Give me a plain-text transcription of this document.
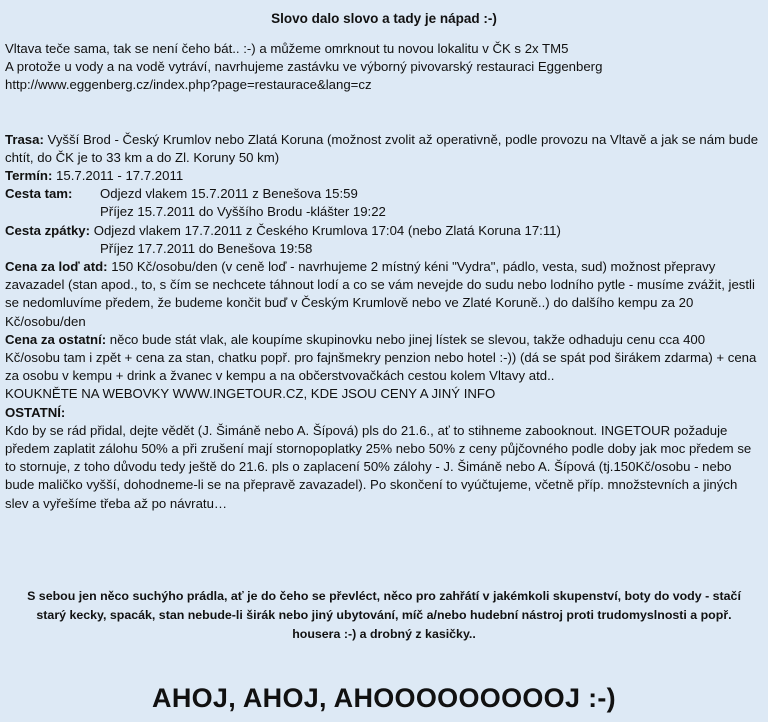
Slovo dalo slovo a tady je nápad :-)

Vltava teče sama, tak se není čeho bát.. :-) a můžeme omrknout tu novou lokalitu v ČK s 2x TM5

A protože u vody a na vodě vytráví, navrhujeme zastávku ve výborný pivovarský restauraci Eggenberg

http://www.eggenberg.cz/index.php?page=restaurace&lang=cz

Trasa: Vyšší Brod - Český Krumlov nebo Zlatá Koruna (možnost zvolit až operativně, podle provozu na Vltavě a jak se nám bude chtít, do ČK je to 33 km a do Zl. Koruny 50 km)

Termín: 15.7.2011 - 17.7.2011

Cesta tam:	Odjezd vlakem 15.7.2011 z Benešova 15:59

Příjez 15.7.2011 do Vyššího Brodu -klášter 19:22

Cesta zpátky: Odjezd vlakem 17.7.2011 z Českého Krumlova 17:04 (nebo Zlatá Koruna 17:11)

Příjez 17.7.2011 do Benešova 19:58

Cena za loď atd: 150 Kč/osobu/den (v ceně loď - navrhujeme 2 místný kéni "Vydra", pádlo, vesta, sud) možnost přepravy zavazadel (stan apod., to, s čím se nechcete táhnout lodí a co se vám nevejde do sudu nebo lodního pytle - musíme zvážit, jestli se nedomluvíme předem, že budeme končit buď v Českým Krumlově nebo ve Zlaté Koruně..) do dalšího kempu za 20 Kč/osobu/den

Cena za ostatní: něco bude stát vlak, ale koupíme skupinovku nebo jinej lístek se slevou, takže odhaduju cenu cca 400 Kč/osobu tam i zpět + cena za stan, chatku popř. pro fajnšmekry penzion nebo hotel :-)) (dá se spát pod širákem zdarma) + cena za osobu v kempu + drink a žvanec v kempu a na občerstvovačkách cestou kolem Vltavy atd..

KOUKNĚTE NA WEBOVKY WWW.INGETOUR.CZ, KDE JSOU CENY A JINÝ INFO

OSTATNÍ:

Kdo by se rád přidal, dejte vědět (J. Šimáně nebo A. Šípová) pls do 21.6., ať to stihneme zabooknout. INGETOUR požaduje předem zaplatit zálohu 50% a při zrušení mají stornopoplatky 25% nebo 50% z ceny půjčovného podle doby jak moc předem se to stornuje, z toho důvodu tedy ještě do 21.6. pls o zaplacení 50% zálohy - J. Šimáně nebo A. Šípová (tj.150Kč/osobu - nebo bude maličko vyšší, dohodneme-li se na přepravě zavazadel). Po skončení to vyúčtujeme, včetně příp. množstevních a jiných slev a vyřešíme třeba až po návratu…

S sebou jen něco suchýho prádla, ať je do čeho se převléct, něco pro zahřátí v jakémkoli skupenství, boty do vody - stačí starý kecky, spacák, stan nebude-li širák nebo jiný ubytování, míč a/nebo hudební nástroj proti trudomyslnosti a popř. housera :-) a drobný z kasičky..
AHOJ, AHOJ, AHOOOOOOOOOJ :-)
